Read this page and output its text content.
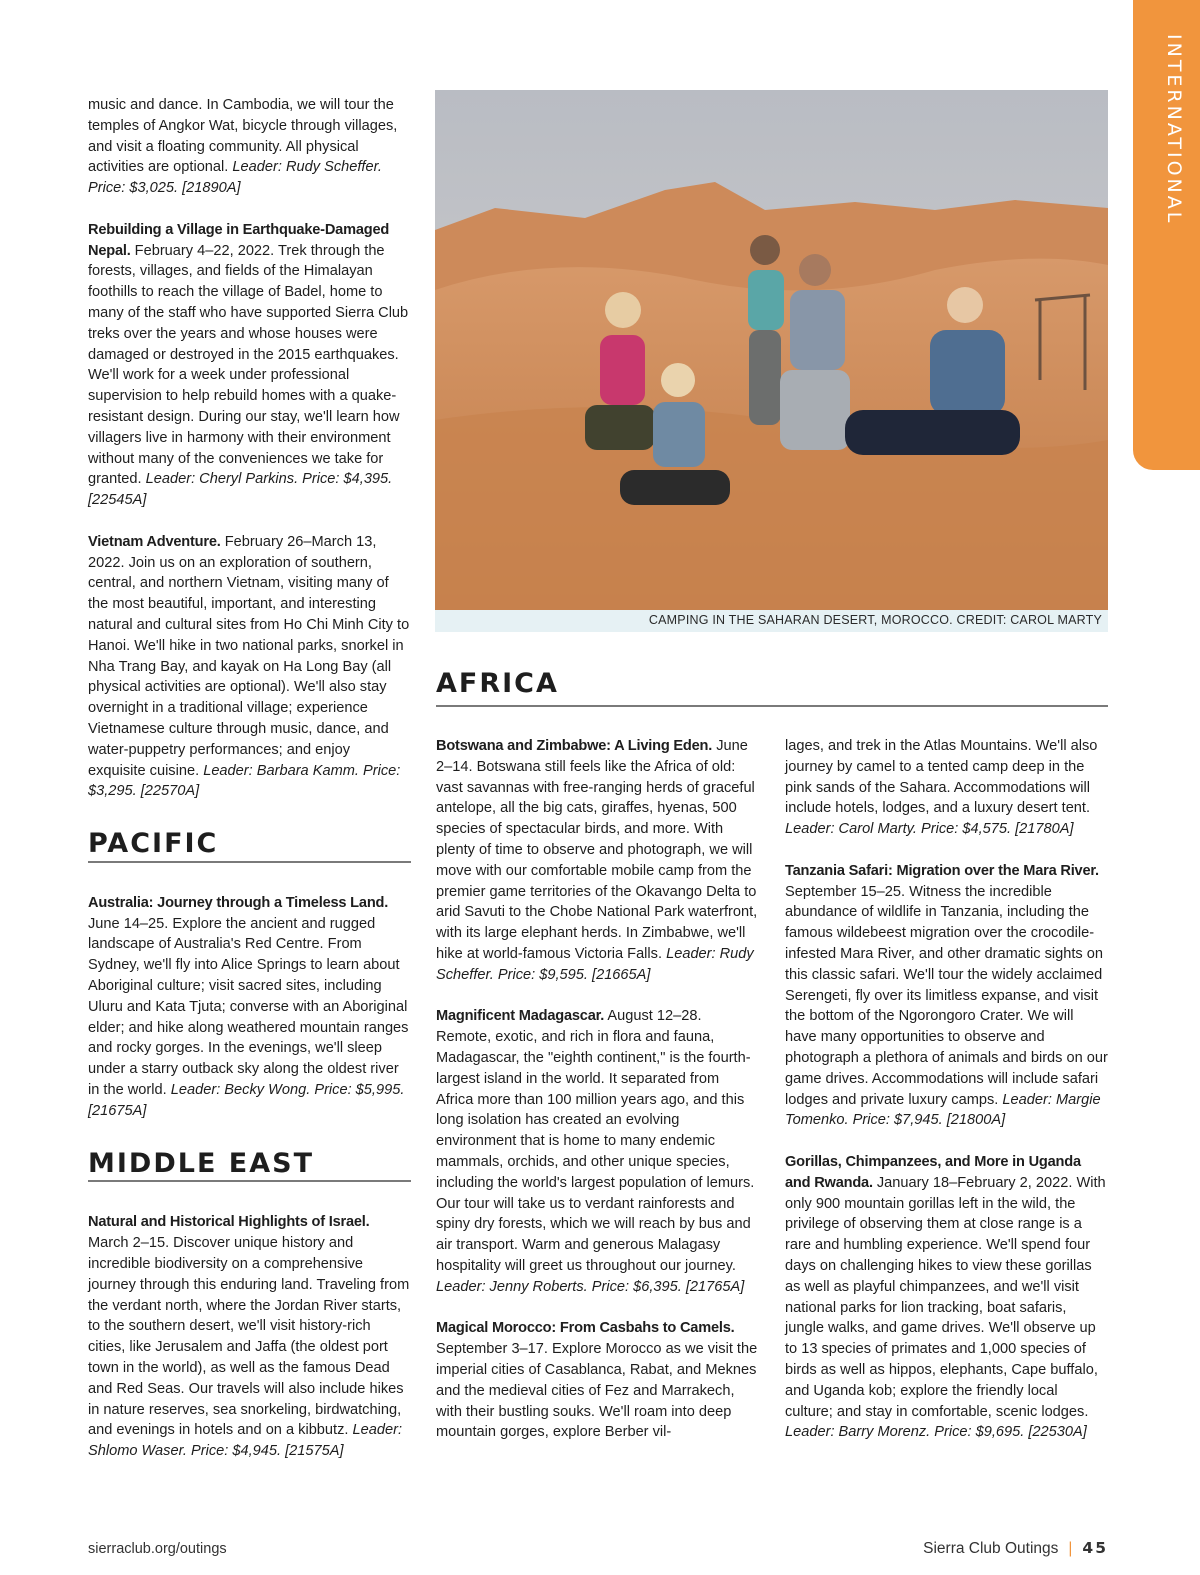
INTERNATIONAL

music and dance. In Cambodia, we will tour the temples of Angkor Wat, bicycle through villages, and visit a floating community. All physical activities are optional. Leader: Rudy Scheffer. Price: $3,025. [21890A]

Rebuilding a Village in Earthquake-Damaged Nepal. February 4–22, 2022. Trek through the forests, villages, and fields of the Himalayan foothills to reach the village of Badel, home to many of the staff who have supported Sierra Club treks over the years and whose houses were damaged or destroyed in the 2015 earthquakes. We'll work for a week under professional supervision to help rebuild homes with a quake-resistant design. During our stay, we'll learn how villagers live in harmony with their environment without many of the conveniences we take for granted. Leader: Cheryl Parkins. Price: $4,395. [22545A]

Vietnam Adventure. February 26–March 13, 2022. Join us on an exploration of southern, central, and northern Vietnam, visiting many of the most beautiful, important, and interesting natural and cultural sites from Ho Chi Minh City to Hanoi. We'll hike in two national parks, snorkel in Nha Trang Bay, and kayak on Ha Long Bay (all physical activities are optional). We'll also stay overnight in a traditional village; experience Vietnamese culture through music, dance, and water-puppetry performances; and enjoy exquisite cuisine. Leader: Barbara Kamm. Price: $3,295. [22570A]

PACIFIC

Australia: Journey through a Timeless Land. June 14–25. Explore the ancient and rugged landscape of Australia's Red Centre. From Sydney, we'll fly into Alice Springs to learn about Aboriginal culture; visit sacred sites, including Uluru and Kata Tjuta; converse with an Aboriginal elder; and hike along weathered mountain ranges and rocky gorges. In the evenings, we'll sleep under a starry outback sky along the oldest river in the world. Leader: Becky Wong. Price: $5,995. [21675A]

MIDDLE EAST

Natural and Historical Highlights of Israel. March 2–15. Discover unique history and incredible biodiversity on a comprehensive journey through this enduring land. Traveling from the verdant north, where the Jordan River starts, to the southern desert, we'll visit history-rich cities, like Jerusalem and Jaffa (the oldest port town in the world), as well as the famous Dead and Red Seas. Our travels will also include hikes in nature reserves, sea snorkeling, birdwatching, and evenings in hotels and on a kibbutz. Leader: Shlomo Waser. Price: $4,945. [21575A]

CAMPING IN THE SAHARAN DESERT, MOROCCO. CREDIT: CAROL MARTY
AFRICA

Botswana and Zimbabwe: A Living Eden. June 2–14. Botswana still feels like the Africa of old: vast savannas with free-ranging herds of graceful antelope, all the big cats, giraffes, hyenas, 500 species of spectacular birds, and more. With plenty of time to observe and photograph, we will move with our comfortable mobile camp from the premier game territories of the Okavango Delta to arid Savuti to the Chobe National Park waterfront, with its large elephant herds. In Zimbabwe, we'll hike at world-famous Victoria Falls. Leader: Rudy Scheffer. Price: $9,595. [21665A]

Magnificent Madagascar. August 12–28. Remote, exotic, and rich in flora and fauna, Madagascar, the "eighth continent," is the fourth-largest island in the world. It separated from Africa more than 100 million years ago, and this long isolation has created an evolving environment that is home to many endemic mammals, orchids, and other unique species, including the world's largest population of lemurs. Our tour will take us to verdant rainforests and spiny dry forests, which we will reach by bus and air transport. Warm and generous Malagasy hospitality will greet us throughout our journey. Leader: Jenny Roberts. Price: $6,395. [21765A]

Magical Morocco: From Casbahs to Camels. September 3–17. Explore Morocco as we visit the imperial cities of Casablanca, Rabat, and Meknes and the medieval cities of Fez and Marrakech, with their bustling souks. We'll roam into deep mountain gorges, explore Berber vil-

lages, and trek in the Atlas Mountains. We'll also journey by camel to a tented camp deep in the pink sands of the Sahara. Accommodations will include hotels, lodges, and a luxury desert tent. Leader: Carol Marty. Price: $4,575. [21780A]

Tanzania Safari: Migration over the Mara River. September 15–25. Witness the incredible abundance of wildlife in Tanzania, including the famous wildebeest migration over the crocodile-infested Mara River, and other dramatic sights on this classic safari. We'll tour the widely acclaimed Serengeti, fly over its limitless expanse, and visit the bottom of the Ngorongoro Crater. We will have many opportunities to observe and photograph a plethora of animals and birds on our game drives. Accommodations will include safari lodges and private luxury camps. Leader: Margie Tomenko. Price: $7,945. [21800A]

Gorillas, Chimpanzees, and More in Uganda and Rwanda. January 18–February 2, 2022. With only 900 mountain gorillas left in the wild, the privilege of observing them at close range is a rare and humbling experience. We'll spend four days on challenging hikes to view these gorillas as well as playful chimpanzees, and we'll visit national parks for lion tracking, boat safaris, jungle walks, and game drives. We'll observe up to 13 species of primates and 1,000 species of birds as well as hippos, elephants, Cape buffalo, and Uganda kob; explore the friendly local culture; and stay in comfortable, scenic lodges. Leader: Barry Morenz. Price: $9,695. [22530A]

sierraclub.org/outings	Sierra Club Outings | 45
